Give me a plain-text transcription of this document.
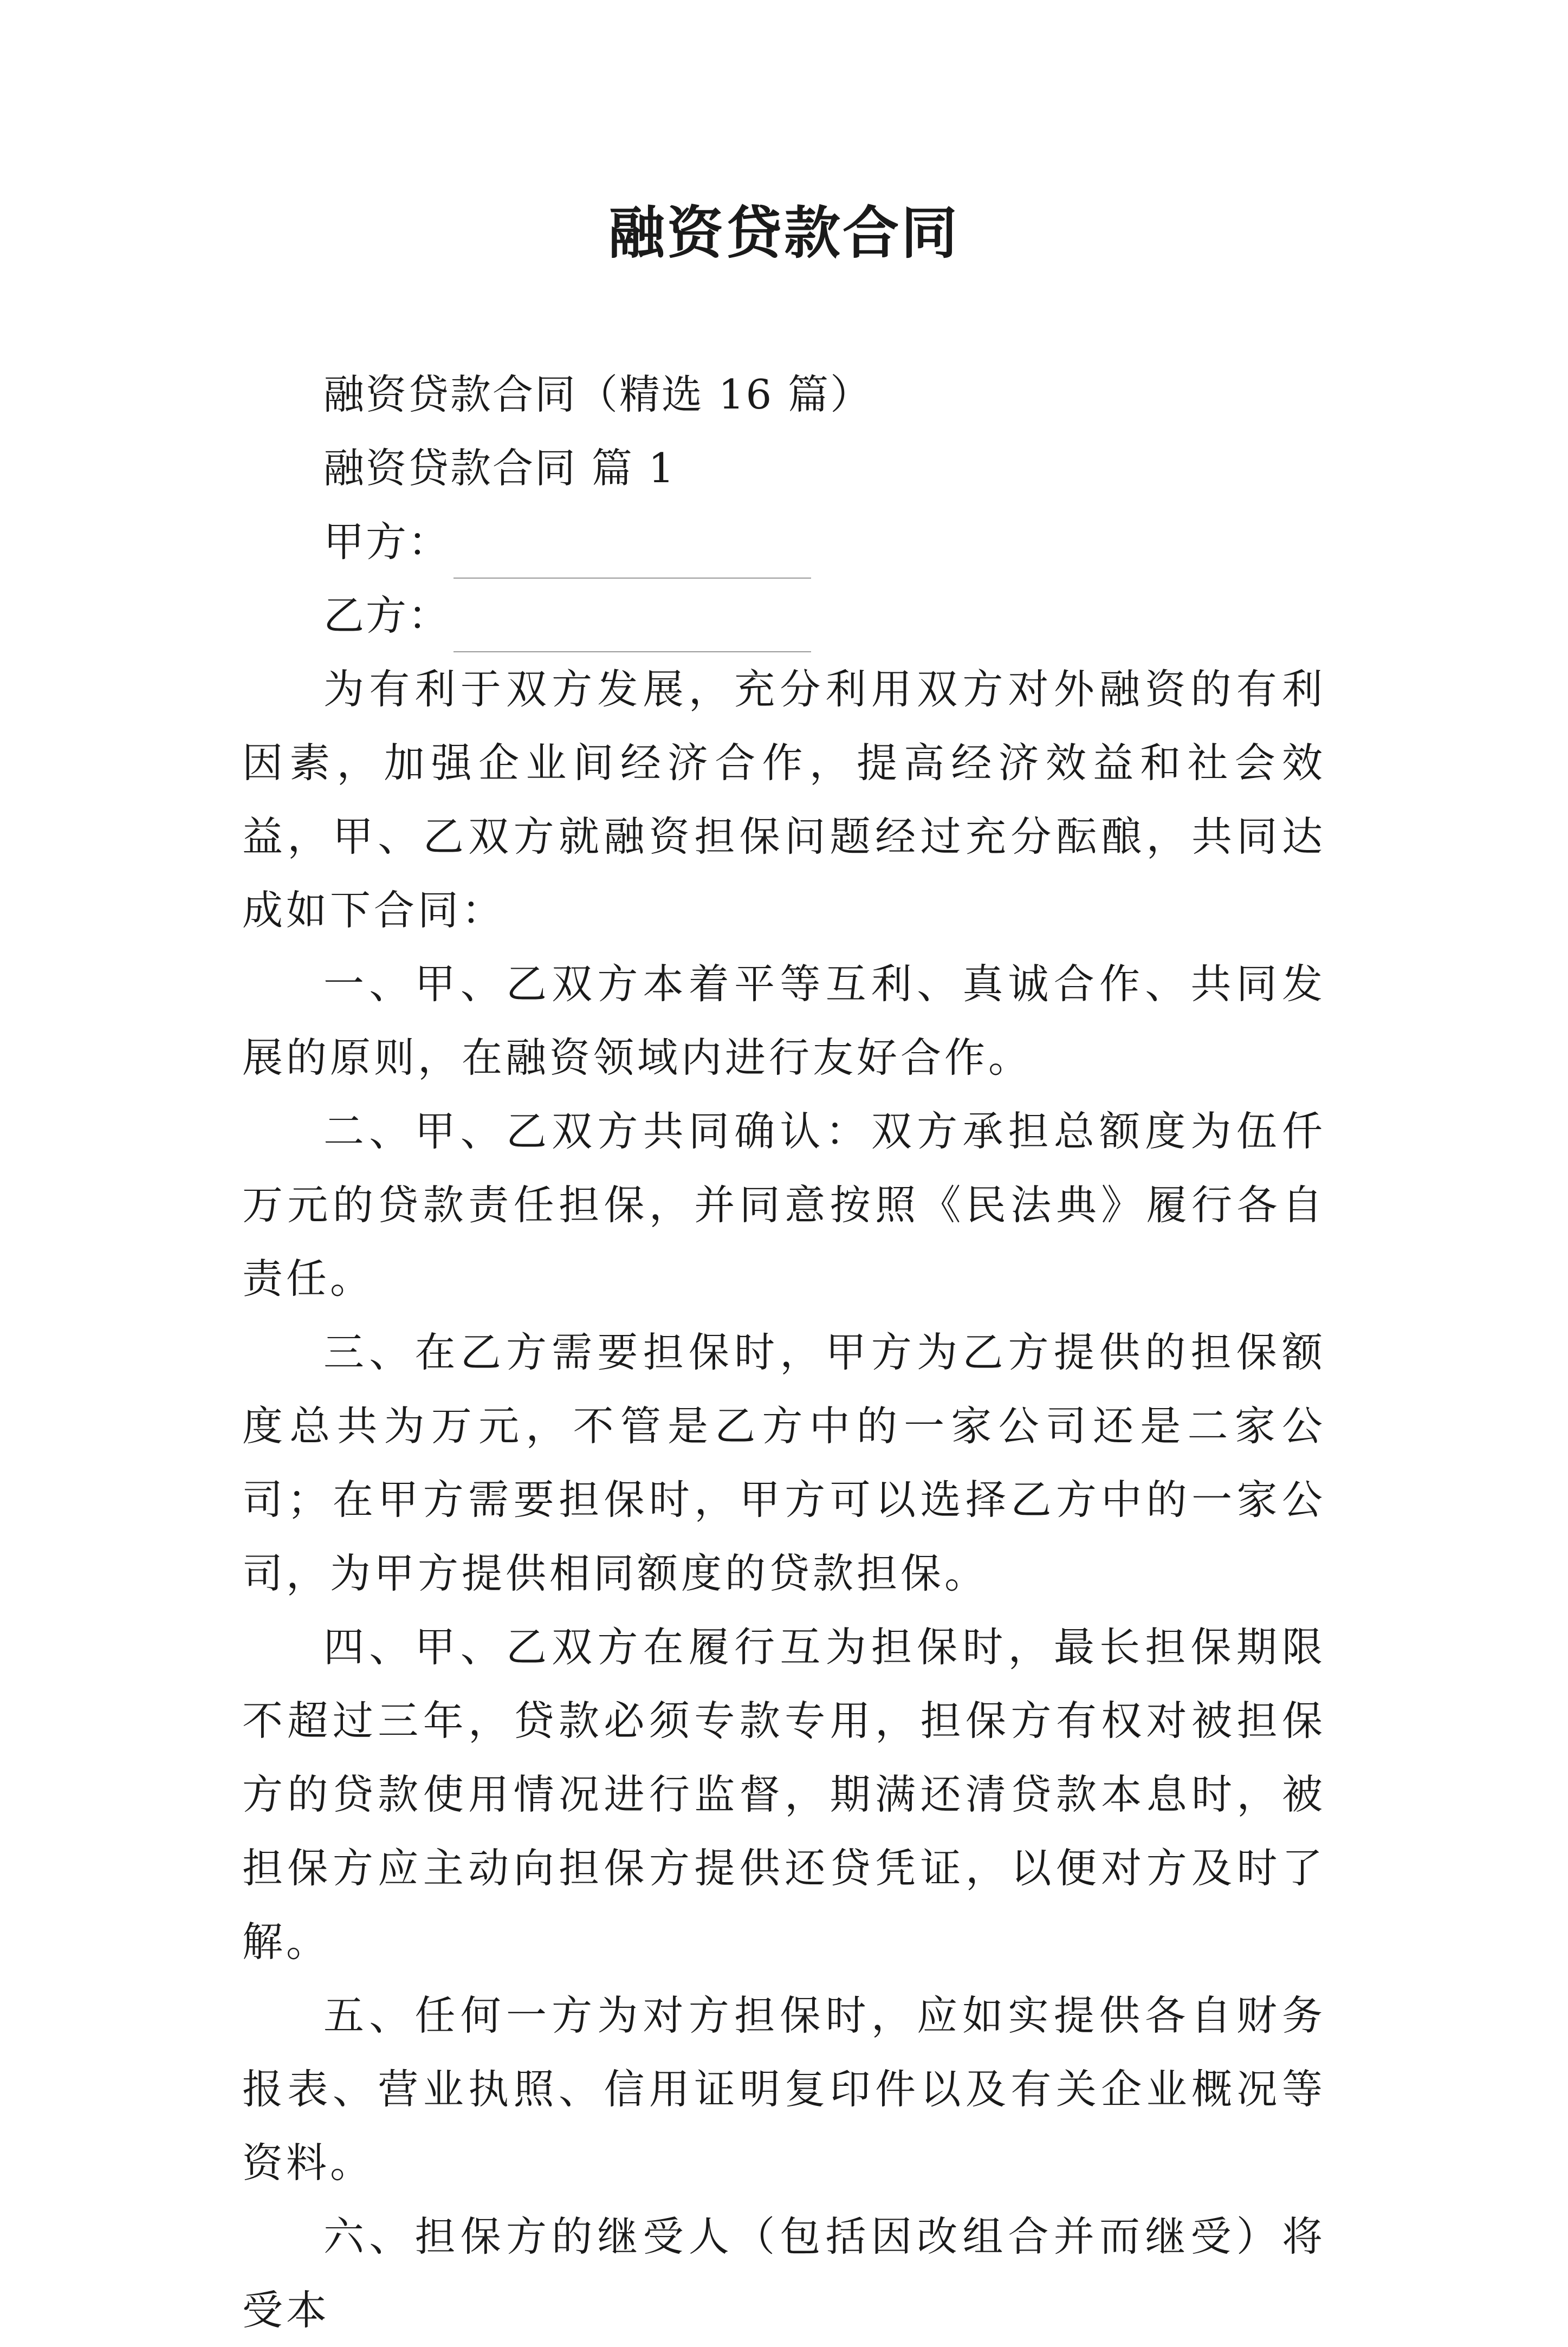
融资贷款合同

融资贷款合同（精选 16 篇）

融资贷款合同 篇 1

甲方：

乙方：

为有利于双方发展，充分利用双方对外融资的有利因素，加强企业间经济合作，提高经济效益和社会效益，甲、乙双方就融资担保问题经过充分酝酿，共同达成如下合同：

一、甲、乙双方本着平等互利、真诚合作、共同发展的原则，在融资领域内进行友好合作。

二、甲、乙双方共同确认：双方承担总额度为伍仟万元的贷款责任担保，并同意按照《民法典》履行各自责任。

三、在乙方需要担保时，甲方为乙方提供的担保额度总共为万元，不管是乙方中的一家公司还是二家公司；在甲方需要担保时，甲方可以选择乙方中的一家公司，为甲方提供相同额度的贷款担保。

四、甲、乙双方在履行互为担保时，最长担保期限不超过三年，贷款必须专款专用，担保方有权对被担保方的贷款使用情况进行监督，期满还清贷款本息时，被担保方应主动向担保方提供还贷凭证，以便对方及时了解。

五、任何一方为对方担保时，应如实提供各自财务报表、营业执照、信用证明复印件以及有关企业概况等资料。

六、担保方的继受人（包括因改组合并而继受）将受本
